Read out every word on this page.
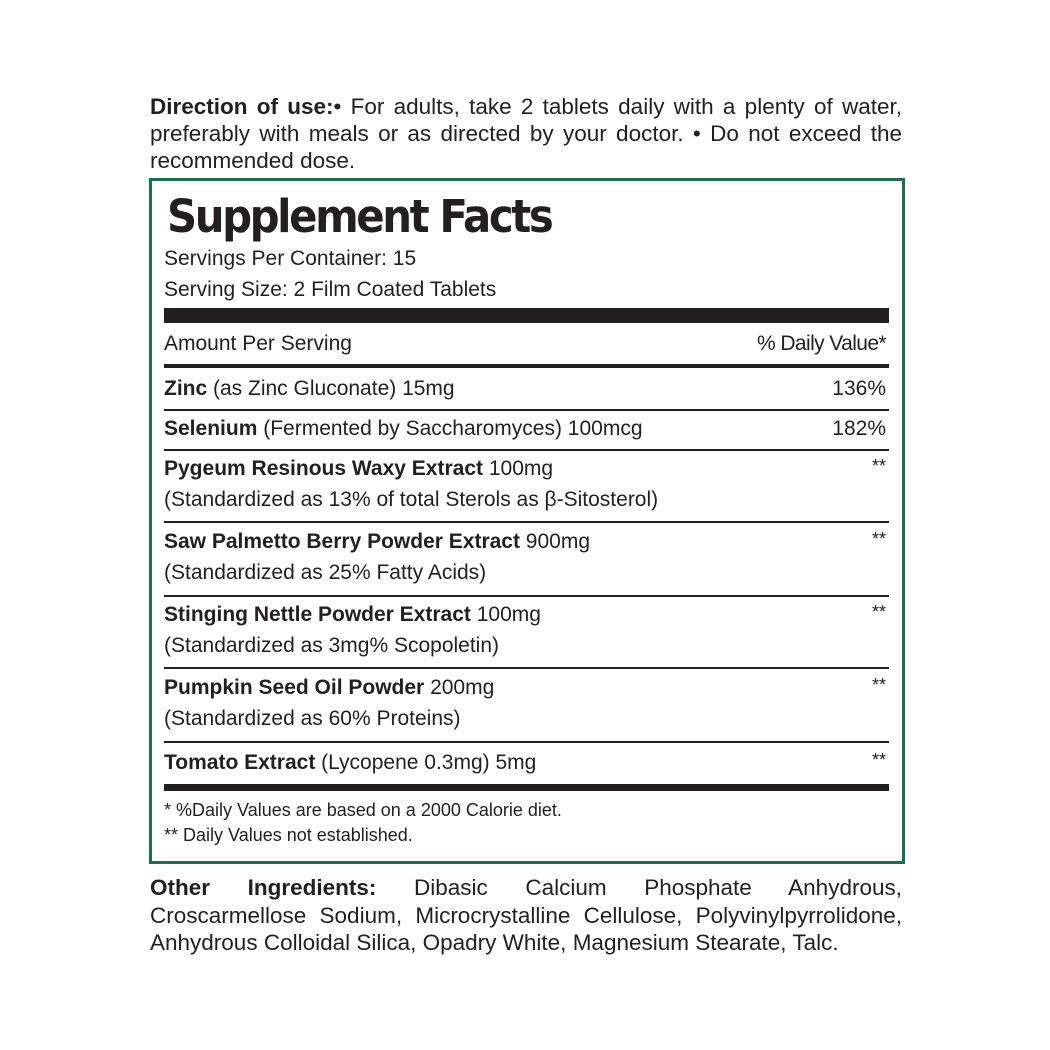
Direction of use:• For adults, take 2 tablets daily with a plenty of water, preferably with meals or as directed by your doctor. • Do not exceed the recommended dose.
Supplement Facts
Servings Per Container: 15
Serving Size: 2 Film Coated Tablets
Amount Per Serving	% Daily Value*
Zinc (as Zinc Gluconate) 15mg	136%
Selenium (Fermented by Saccharomyces) 100mcg	182%
Pygeum Resinous Waxy Extract 100mg	**
(Standardized as 13% of total Sterols as β-Sitosterol)
Saw Palmetto Berry Powder Extract 900mg	**
(Standardized as 25% Fatty Acids)
Stinging Nettle Powder Extract 100mg	**
(Standardized as 3mg% Scopoletin)
Pumpkin Seed Oil Powder 200mg	**
(Standardized as 60% Proteins)
Tomato Extract (Lycopene 0.3mg) 5mg	**
* %Daily Values are based on a 2000 Calorie diet.
** Daily Values not established.
Other Ingredients: Dibasic Calcium Phosphate Anhydrous, Croscarmellose Sodium, Microcrystalline Cellulose, Polyvinylpyrrolidone, Anhydrous Colloidal Silica, Opadry White, Magnesium Stearate, Talc.
